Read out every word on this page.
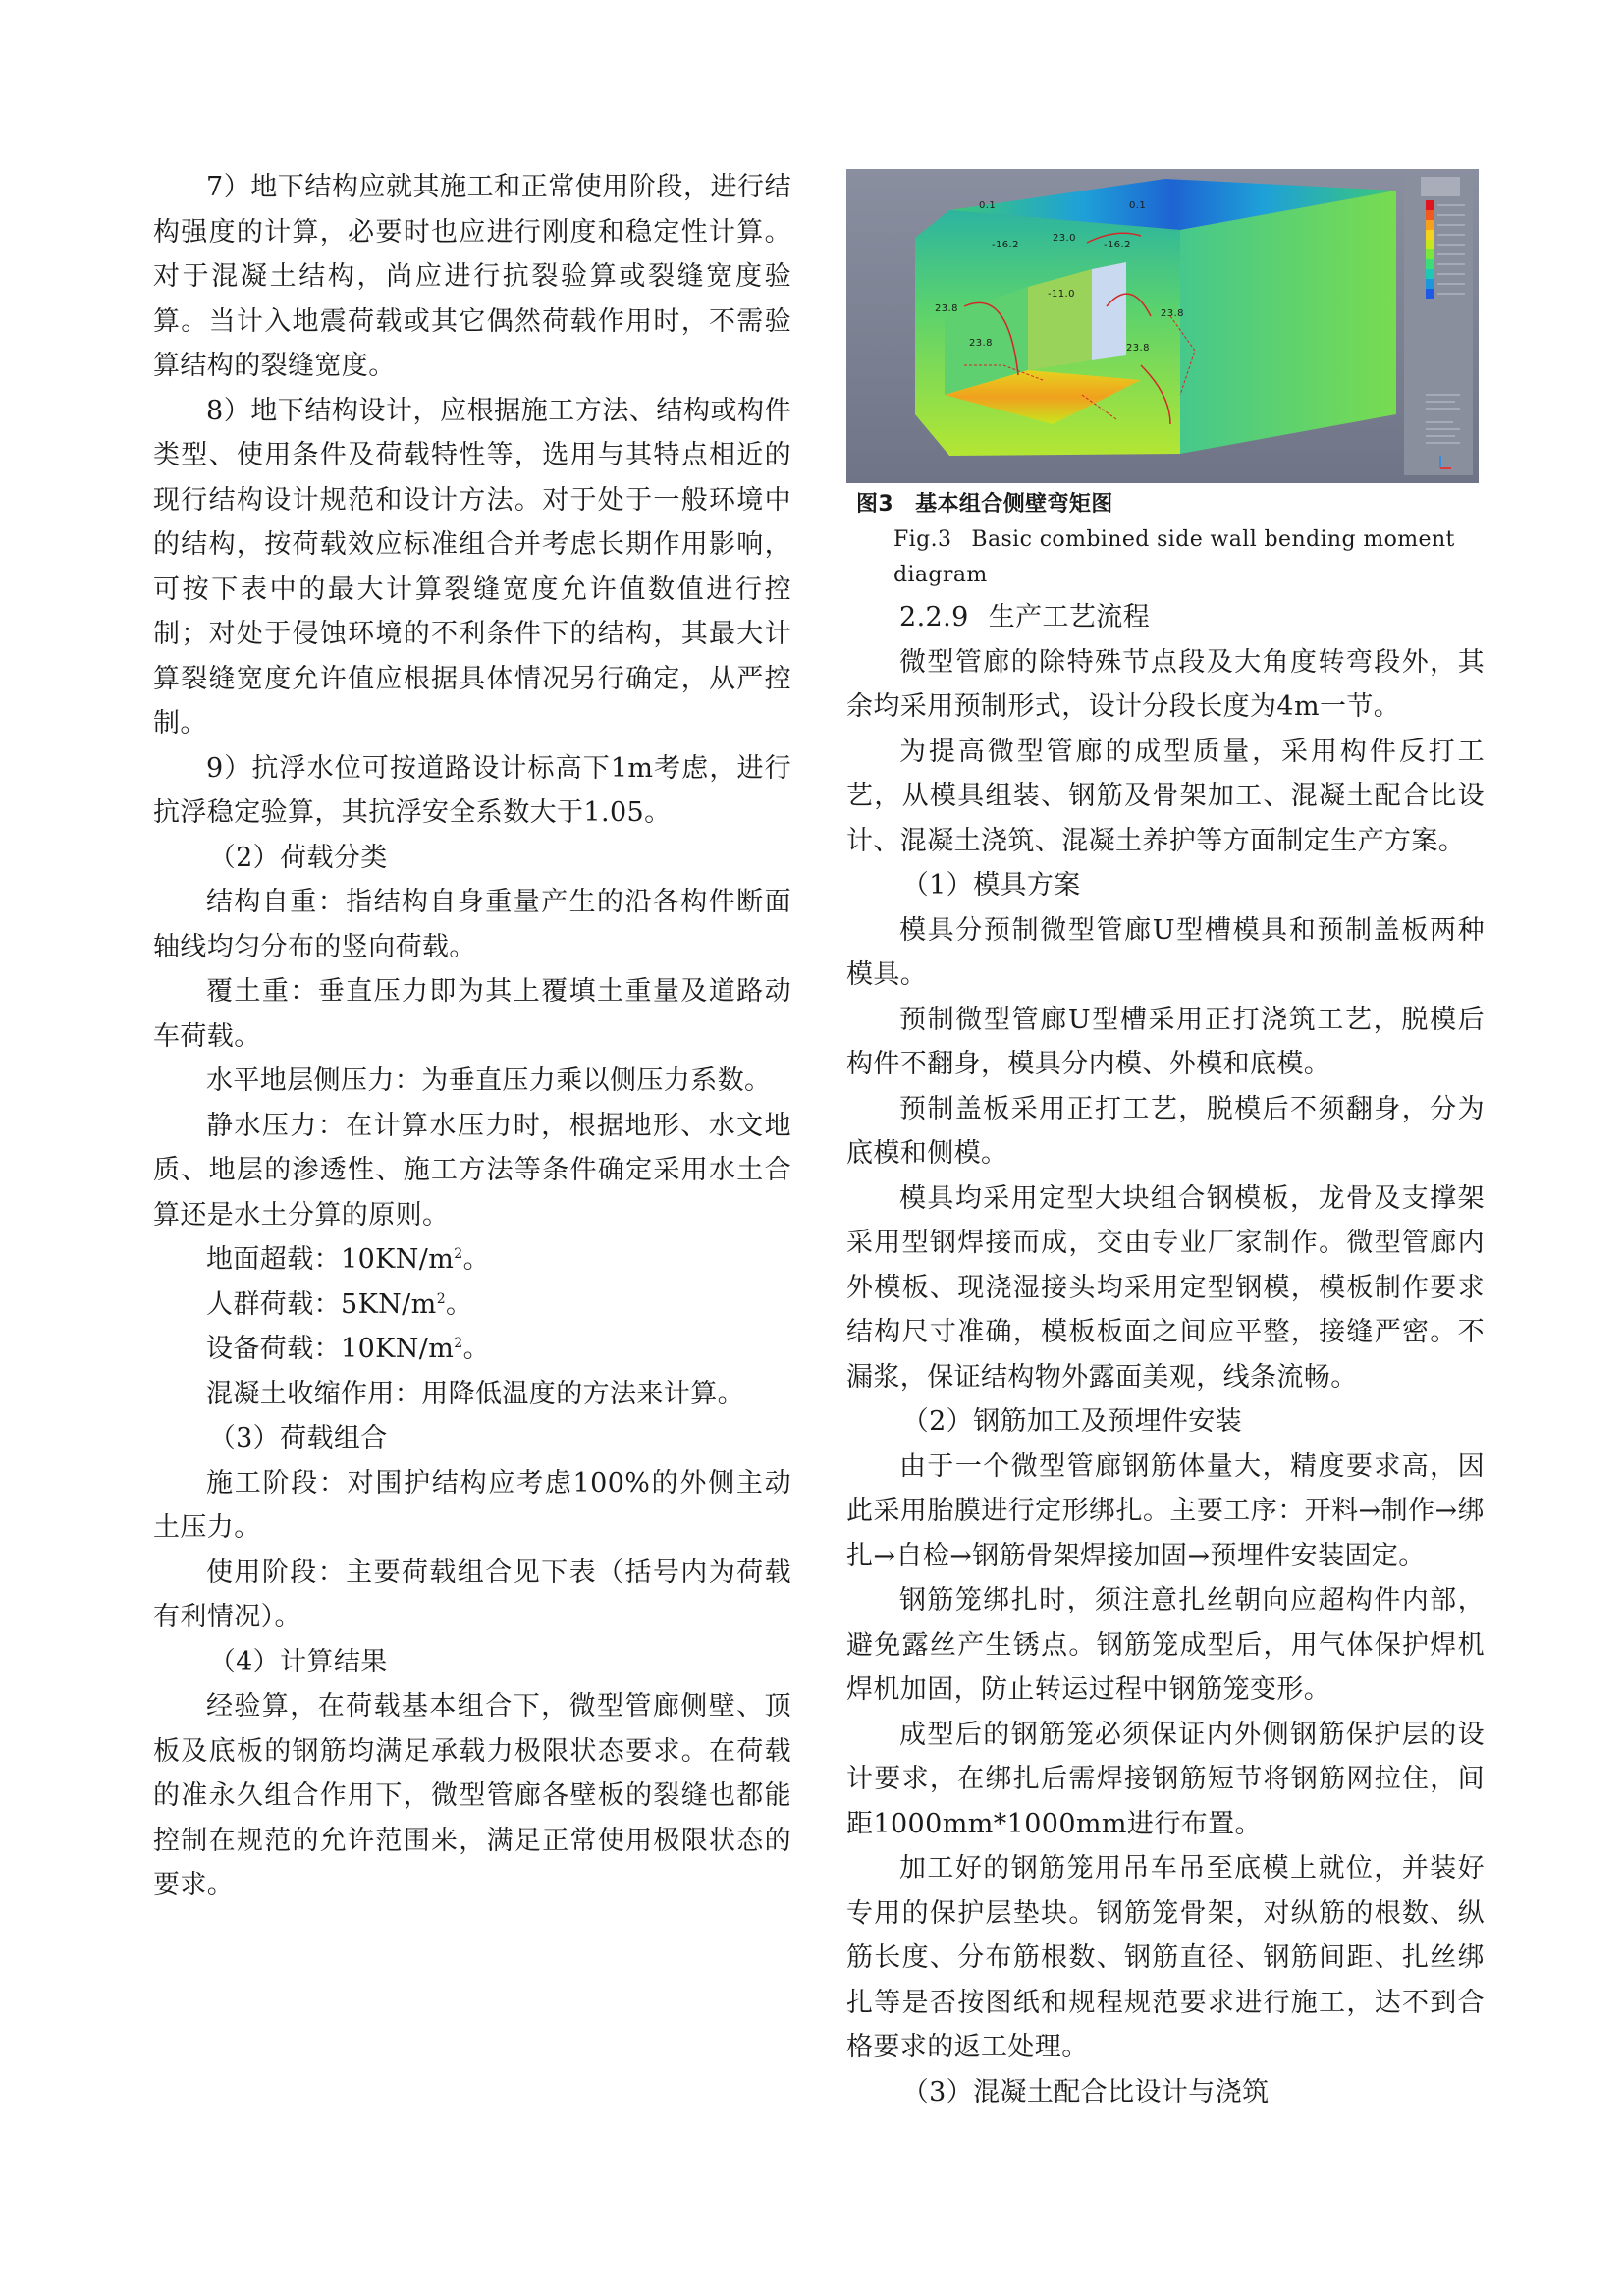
7）地下结构应就其施工和正常使用阶段，进行结构强度的计算，必要时也应进行刚度和稳定性计算。对于混凝土结构，尚应进行抗裂验算或裂缝宽度验算。当计入地震荷载或其它偶然荷载作用时，不需验算结构的裂缝宽度。

8）地下结构设计，应根据施工方法、结构或构件类型、使用条件及荷载特性等，选用与其特点相近的现行结构设计规范和设计方法。对于处于一般环境中的结构，按荷载效应标准组合并考虑长期作用影响，可按下表中的最大计算裂缝宽度允许值数值进行控制；对处于侵蚀环境的不利条件下的结构，其最大计算裂缝宽度允许值应根据具体情况另行确定，从严控制。

9）抗浮水位可按道路设计标高下1m考虑，进行抗浮稳定验算，其抗浮安全系数大于1.05。

（2）荷载分类

结构自重：指结构自身重量产生的沿各构件断面轴线均匀分布的竖向荷载。

覆土重：垂直压力即为其上覆填土重量及道路动车荷载。

水平地层侧压力：为垂直压力乘以侧压力系数。

静水压力：在计算水压力时，根据地形、水文地质、地层的渗透性、施工方法等条件确定采用水土合算还是水土分算的原则。

地面超载：$10KN/m^2$。

人群荷载：$5KN/m^2$。

设备荷载：$10KN/m^2$。

混凝土收缩作用：用降低温度的方法来计算。

（3）荷载组合

施工阶段：对围护结构应考虑100%的外侧主动土压力。

使用阶段：主要荷载组合见下表（括号内为荷载有利情况）。

（4）计算结果

经验算，在荷载基本组合下，微型管廊侧壁、顶板及底板的钢筋均满足承载力极限状态要求。在荷载的准永久组合作用下，微型管廊各壁板的裂缝也都能控制在规范的允许范围来，满足正常使用极限状态的要求。

0.1	0.1
-16.2
23.0
-16.2
-11.0
23.8	23.8
23.8	23.8
图3 基本组合侧壁弯矩图
Fig.3 Basic combined side wall bending moment diagram

2.2.9 生产工艺流程

微型管廊的除特殊节点段及大角度转弯段外，其余均采用预制形式，设计分段长度为4m一节。

为提高微型管廊的成型质量，采用构件反打工艺，从模具组装、钢筋及骨架加工、混凝土配合比设计、混凝土浇筑、混凝土养护等方面制定生产方案。

（1）模具方案

模具分预制微型管廊U型槽模具和预制盖板两种模具。

预制微型管廊U型槽采用正打浇筑工艺，脱模后构件不翻身，模具分内模、外模和底模。

预制盖板采用正打工艺，脱模后不须翻身，分为底模和侧模。

模具均采用定型大块组合钢模板，龙骨及支撑架采用型钢焊接而成，交由专业厂家制作。微型管廊内外模板、现浇湿接头均采用定型钢模，模板制作要求结构尺寸准确，模板板面之间应平整，接缝严密。不漏浆，保证结构物外露面美观，线条流畅。

（2）钢筋加工及预埋件安装

由于一个微型管廊钢筋体量大，精度要求高，因此采用胎膜进行定形绑扎。主要工序：开料→制作→绑扎→自检→钢筋骨架焊接加固→预埋件安装固定。

钢筋笼绑扎时，须注意扎丝朝向应超构件内部，避免露丝产生锈点。钢筋笼成型后，用气体保护焊机焊机加固，防止转运过程中钢筋笼变形。

成型后的钢筋笼必须保证内外侧钢筋保护层的设计要求，在绑扎后需焊接钢筋短节将钢筋网拉住，间距1000mm*1000mm进行布置。

加工好的钢筋笼用吊车吊至底模上就位，并装好专用的保护层垫块。钢筋笼骨架，对纵筋的根数、纵筋长度、分布筋根数、钢筋直径、钢筋间距、扎丝绑扎等是否按图纸和规程规范要求进行施工，达不到合格要求的返工处理。

（3）混凝土配合比设计与浇筑
